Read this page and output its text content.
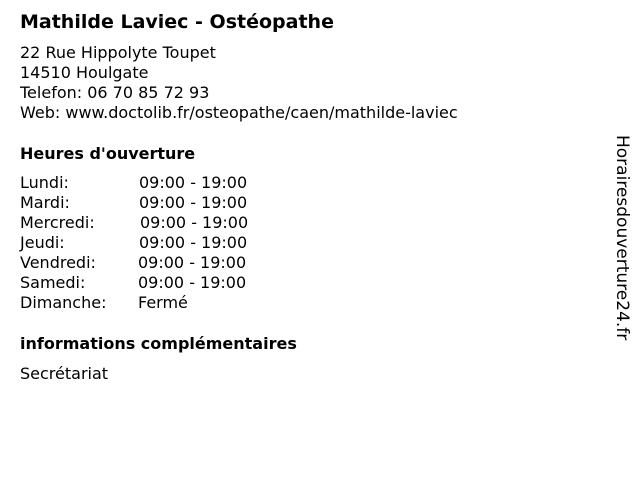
Mathilde Laviec - Ostéopathe
22 Rue Hippolyte Toupet
14510 Houlgate
Telefon: 06 70 85 72 93
Web: www.doctolib.fr/osteopathe/caen/mathilde-laviec
Heures d'ouverture
Lundi:	09:00 - 19:00
Mardi:	09:00 - 19:00
Mercredi:	09:00 - 19:00
Jeudi:	09:00 - 19:00
Vendredi:	09:00 - 19:00
Samedi:	09:00 - 19:00
Dimanche: Fermé
informations complémentaires
Secrétariat
Horairesdouverture24.fr
